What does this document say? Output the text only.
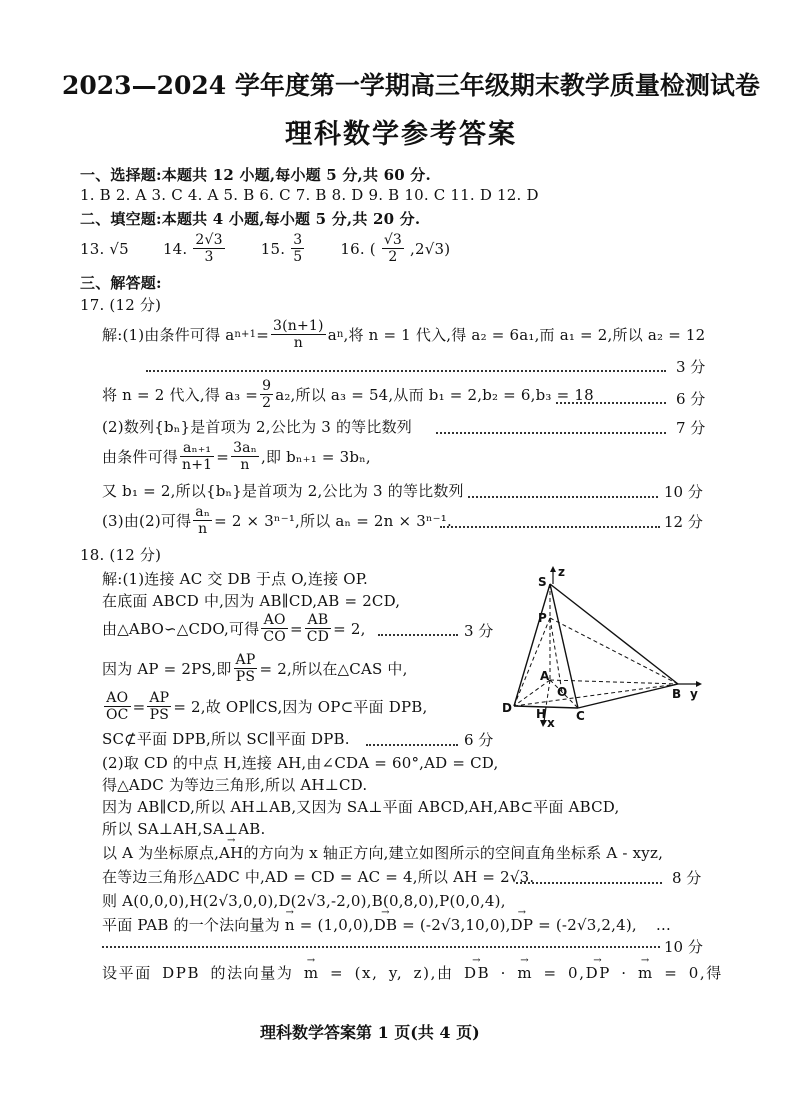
2023—2024 学年度第一学期高三年级期末教学质量检测试卷
理科数学参考答案
一、选择题:本题共 12 小题,每小题 5 分,共 60 分.
1. B 2. A 3. C 4. A 5. B 6. C 7. B 8. D 9. B 10. C 11. D 12. D
二、填空题:本题共 4 小题,每小题 5 分,共 20 分.
13. √5 14. $\frac{2√3}{3} 15$. $\frac{3}{5} 16$. ( $\frac{√3}{2} ,2√3$)
三、解答题:
17. (12 分)
解:(1)由条件可得 a $n+1 = \frac{3(n+1)}{n}$ a n ,将 n = 1 代入,得 a₂ = 6a₁,而 a₁ = 2,所以 a₂ = 12
3 分
将 n = 2 代入,得 $a_3 = \frac{9}{2} a_2$,所以 a₃ = 54,从而 b₁ = 2,b₂ = 6,b₃ = 18	6 分
(2)数列{bₙ}是首项为 2,公比为 3 的等比数列	7 分
由条件可得 $\frac{\text{aₙ₊₁}}{n+1} = \frac{\text{3aₙ}}{n}$ ,即 bₙ₊₁ = 3bₙ,
又 b₁ = 2,所以{bₙ}是首项为 2,公比为 3 的等比数列	10 分
(3)由(2)可得 $\frac{\text{aₙ}}{n} = 2 \times 3^{n-1}$,所以 aₙ = 2n × 3ⁿ⁻¹.	12 分
18. (12 分)
解:(1)连接 AC 交 DB 于点 O,连接 OP.
在底面 ABCD 中,因为 AB∥CD,AB = 2CD,
由△ABO∽△CDO,可得 $\frac{AO}{CO} = \frac{AB}{CD} = 2$,	3 分
因为 AP = 2PS,即 $\frac{AP}{PS} = 2$,所以在△CAS 中,
$\frac{AO}{OC} = \frac{AP}{PS} = 2$,故 OP∥CS,因为 OP⊂平面 DPB,
SC⊄平面 DPB,所以 SC∥平面 DPB.	6 分
(2)取 CD 的中点 H,连接 AH,由∠CDA = 60°,AD = CD,
得△ADC 为等边三角形,所以 AH⊥CD.
因为 AB∥CD,所以 AH⊥AB,又因为 SA⊥平面 ABCD,AH,AB⊂平面 ABCD,
所以 SA⊥AH,SA⊥AB.
以 A 为坐标原点,
→
AH的方向为 x 轴正方向,建立如图所示的空间直角坐标系 A - xyz,
在等边三角形△ADC 中,AD = CD = AC = 4,所以 AH = 2√3.	8 分
则 A(0,0,0),H(2√3,0,0),D(2√3,-2,0),B(0,8,0),P(0,0,4),
平面 PAB 的一个法向量为
→
n = (1,0,0),
→
DB = (-2√3,10,0),
→
DP = (-2√3,2,4), …
10 分
设平面 DPB 的法向量为
→
m = (x, y, z),由
→
DB ·
→
m = 0,
→
DP ·
→
m = 0,得
S
z
P
A
O	B y
D H C
x
理科数学答案第 1 页(共 4 页)
